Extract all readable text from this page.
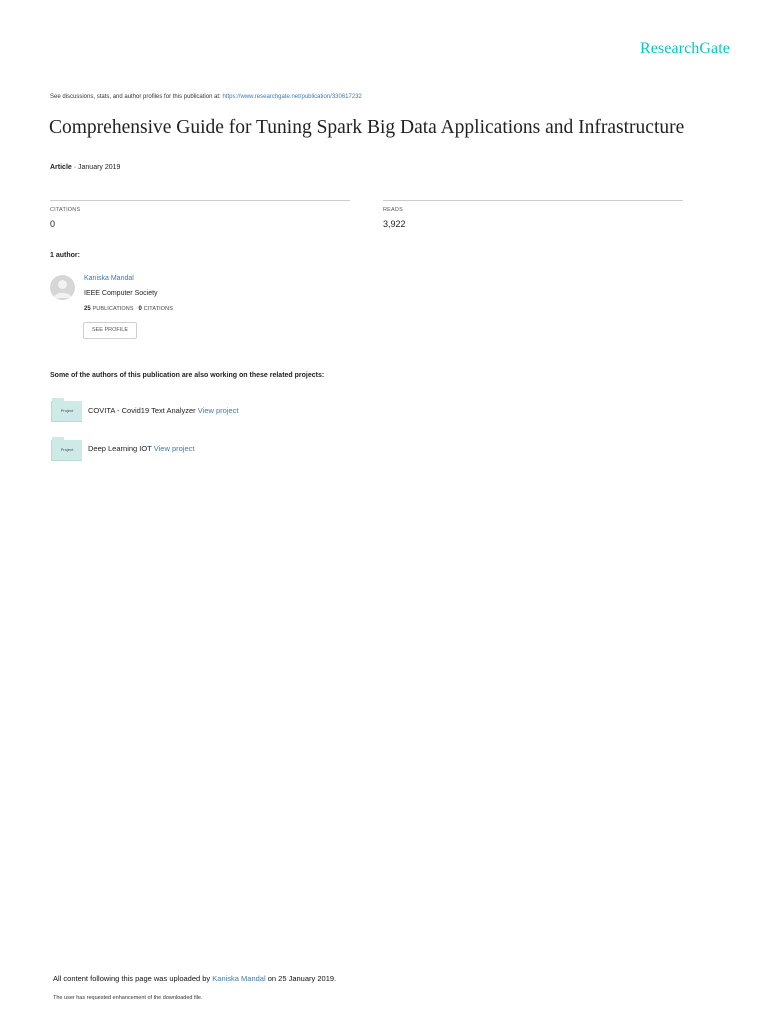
ResearchGate
See discussions, stats, and author profiles for this publication at: https://www.researchgate.net/publication/330617232
Comprehensive Guide for Tuning Spark Big Data Applications and Infrastructure
Article · January 2019
CITATIONS
0
READS
3,922
1 author:
Kaniska Mandal
IEEE Computer Society
25 PUBLICATIONS 0 CITATIONS
SEE PROFILE
Some of the authors of this publication are also working on these related projects:
Project	COVITA - Covid19 Text Analyzer View project
Project	Deep Learning IOT View project
All content following this page was uploaded by Kaniska Mandal on 25 January 2019.
The user has requested enhancement of the downloaded file.
